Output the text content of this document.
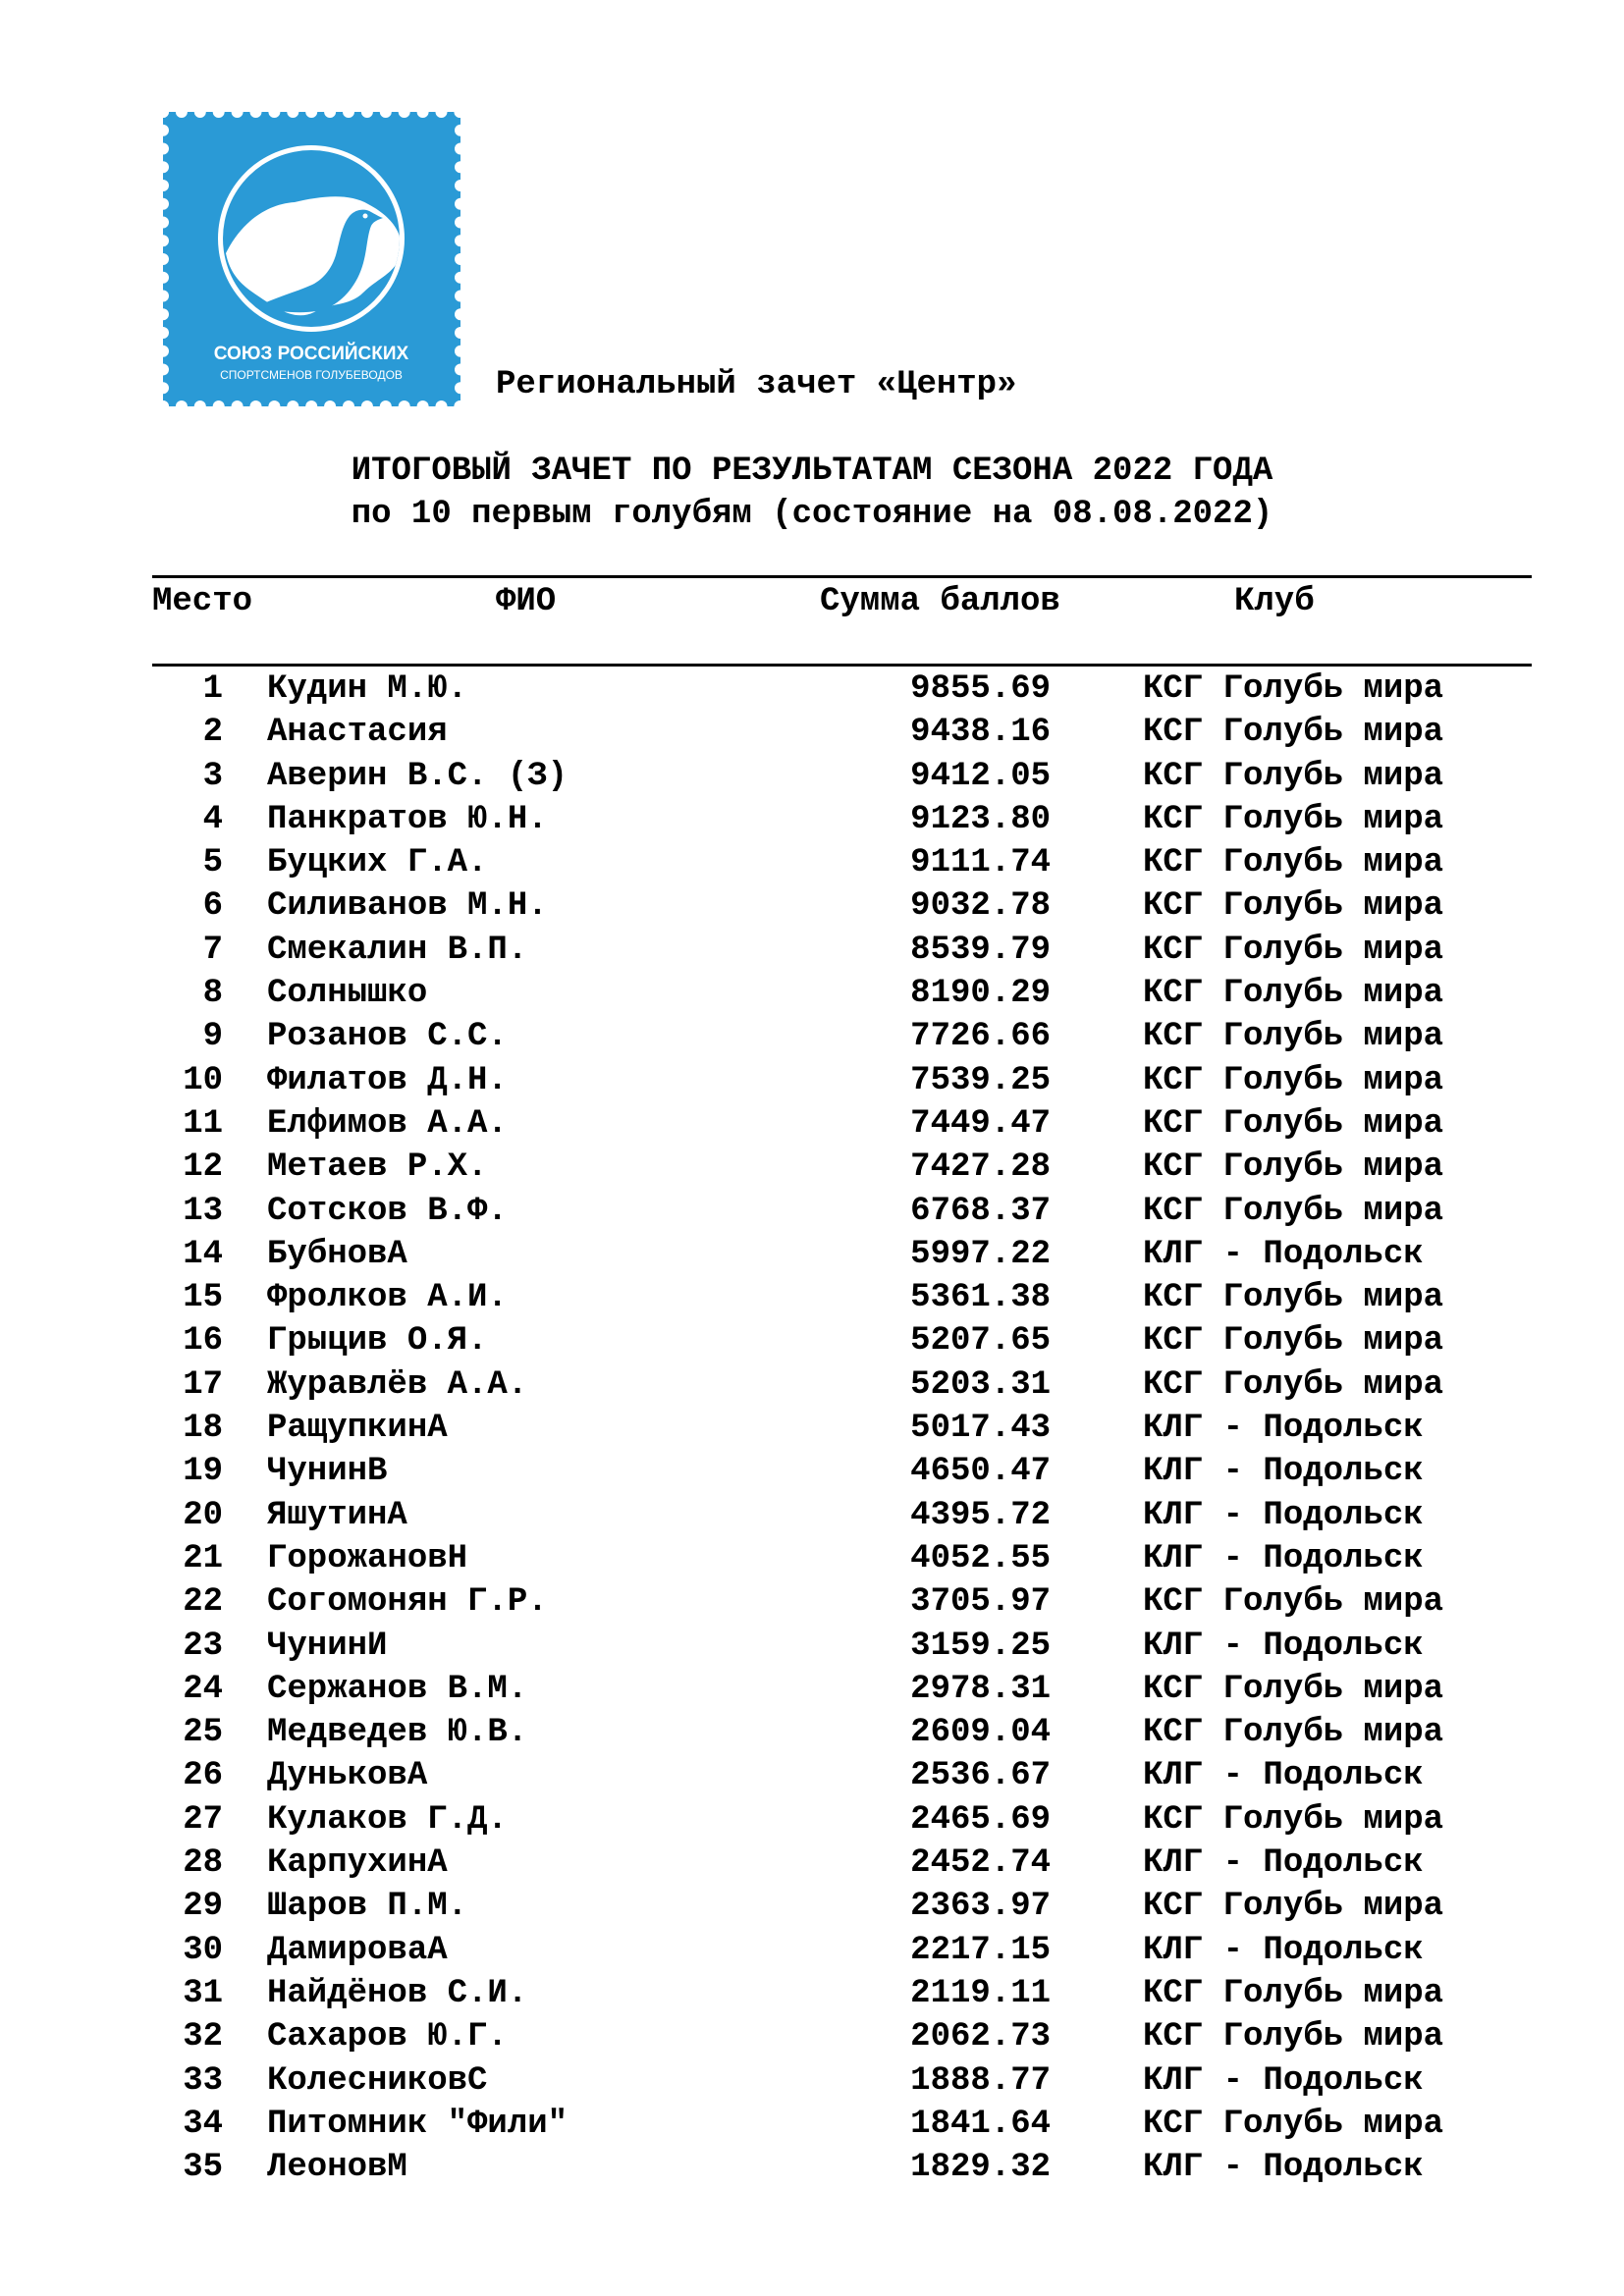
СОЮЗ РОССИЙСКИХ
СПОРТСМЕНОВ ГОЛУБЕВОДОВ	Региональный зачет «Центр»
ИТОГОВЫЙ ЗАЧЕТ ПО РЕЗУЛЬТАТАМ СЕЗОНА 2022 ГОДА
по 10 первым голубям (состояние на 08.08.2022)
Место	ФИО	Сумма баллов	Клуб
1 Кудин М.Ю.	9855.69	КСГ Голубь мира
2 Анастасия	9438.16	КСГ Голубь мира
3 Аверин В.С. (З)	9412.05	КСГ Голубь мира
4 Панкратов Ю.Н.	9123.80	КСГ Голубь мира
5 Буцких Г.А.	9111.74	КСГ Голубь мира
6 Силиванов М.Н.	9032.78	КСГ Голубь мира
7 Смекалин В.П.	8539.79	КСГ Голубь мира
8 Солнышко	8190.29	КСГ Голубь мира
9 Розанов С.С.	7726.66	КСГ Голубь мира
10 Филатов Д.Н.	7539.25	КСГ Голубь мира
11 Елфимов А.А.	7449.47	КСГ Голубь мира
12 Метаев Р.Х.	7427.28	КСГ Голубь мира
13 Сотсков В.Ф.	6768.37	КСГ Голубь мира
14 БубновА	5997.22	КЛГ - Подольск
15 Фролков А.И.	5361.38	КСГ Голубь мира
16 Грыцив О.Я.	5207.65	КСГ Голубь мира
17 Журавлёв А.А.	5203.31	КСГ Голубь мира
18 РащупкинА	5017.43	КЛГ - Подольск
19 ЧунинВ	4650.47	КЛГ - Подольск
20 ЯшутинА	4395.72	КЛГ - Подольск
21 ГорожановН	4052.55	КЛГ - Подольск
22 Согомонян Г.Р.	3705.97	КСГ Голубь мира
23 ЧунинИ	3159.25	КЛГ - Подольск
24 Сержанов В.М.	2978.31	КСГ Голубь мира
25 Медведев Ю.В.	2609.04	КСГ Голубь мира
26 ДуньковА	2536.67	КЛГ - Подольск
27 Кулаков Г.Д.	2465.69	КСГ Голубь мира
28 КарпухинА	2452.74	КЛГ - Подольск
29 Шаров П.М.	2363.97	КСГ Голубь мира
30 ДамироваА	2217.15	КЛГ - Подольск
31 Найдёнов С.И.	2119.11	КСГ Голубь мира
32 Сахаров Ю.Г.	2062.73	КСГ Голубь мира
33 КолесниковС	1888.77	КЛГ - Подольск
34 Питомник "Фили"	1841.64	КСГ Голубь мира
35 ЛеоновМ	1829.32	КЛГ - Подольск
